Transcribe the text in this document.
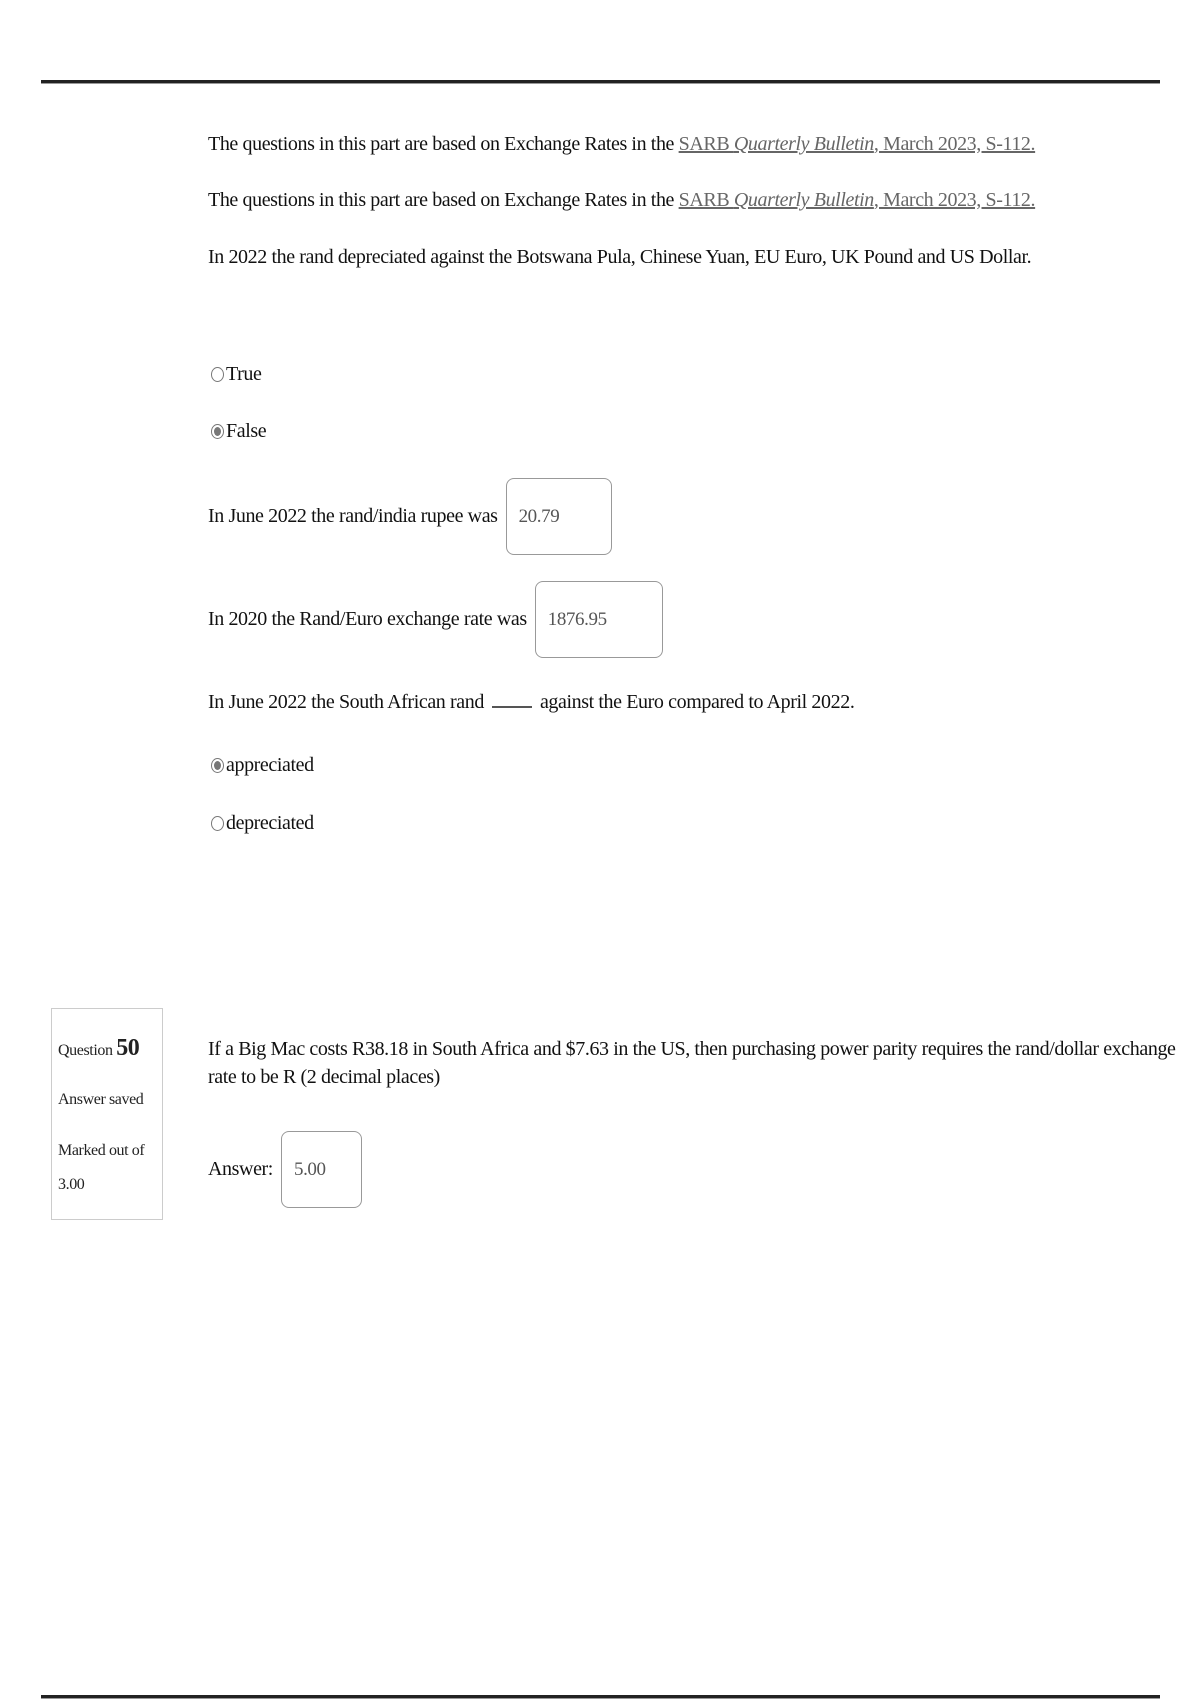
The questions in this part are based on Exchange Rates in the SARB Quarterly Bulletin, March 2023, S-112.
The questions in this part are based on Exchange Rates in the SARB Quarterly Bulletin, March 2023, S-112.
In 2022 the rand depreciated against the Botswana Pula, Chinese Yuan, EU Euro, UK Pound and US Dollar.
True
False
In June 2022 the rand/india rupee was 20.79
In 2020 the Rand/Euro exchange rate was 1876.95
In June 2022 the South African rand	against the Euro compared to April 2022.
appreciated
depreciated
Question 50
Answer saved
Marked out of
3.00
If a Big Mac costs R38.18 in South Africa and $7.63 in the US, then purchasing power parity requires the rand/dollar exchange rate to be R (2 decimal places)
Answer: 5.00
